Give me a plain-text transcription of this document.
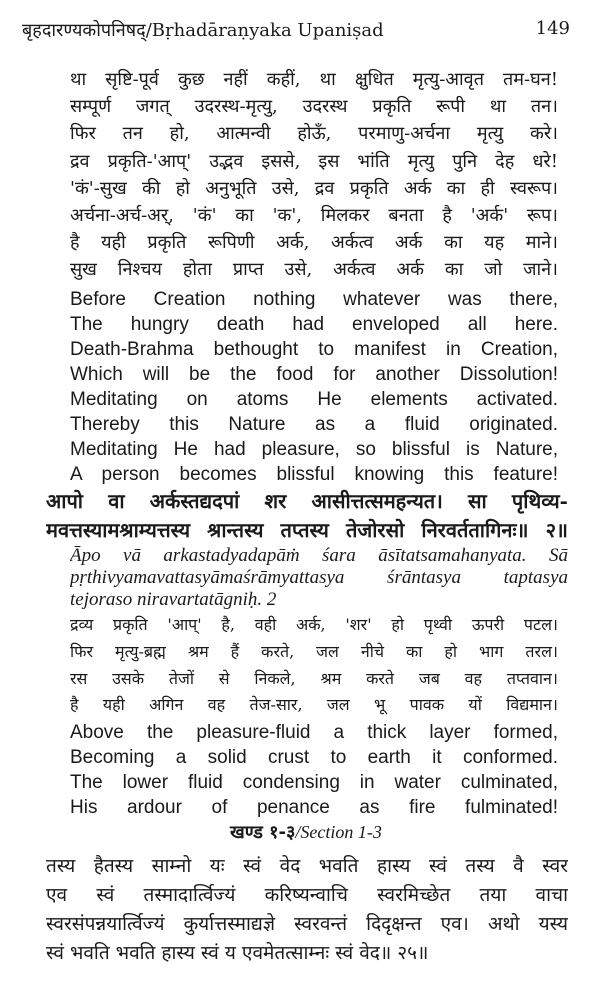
बृहदारण्यकोपनिषद्/Bṛhadāraṇyaka Upaniṣad	149
था सृष्टि-पूर्व कुछ नहीं कहीं, था क्षुधित मृत्यु-आवृत तम-घन!
सम्पूर्ण जगत् उदरस्थ-मृत्यु, उदरस्थ प्रकृति रूपी था तन।
फिर तन हो, आत्मन्वी होऊँ, परमाणु-अर्चना मृत्यु करे।
द्रव प्रकृति-'आप्' उद्भव इससे, इस भांति मृत्यु पुनि देह धरे!
'कं'-सुख की हो अनुभूति उसे, द्रव प्रकृति अर्क का ही स्वरूप।
अर्चना-अर्च-अर्, 'कं' का 'क', मिलकर बनता है 'अर्क' रूप।
है यही प्रकृति रूपिणी अर्क, अर्कत्व अर्क का यह माने।
सुख निश्चय होता प्राप्त उसे, अर्कत्व अर्क का जो जाने।
Before Creation nothing whatever was there,
The hungry death had enveloped all here.
Death-Brahma bethought to manifest in Creation,
Which will be the food for another Dissolution!
Meditating on atoms He elements activated.
Thereby this Nature as a fluid originated.
Meditating He had pleasure, so blissful is Nature,
A person becomes blissful knowing this feature!
आपो वा अर्कस्तद्यदपां शर आसीत्तत्समहन्यत। सा पृथिव्य-
मवत्तस्यामश्राम्यत्तस्य श्रान्तस्य तप्तस्य तेजोरसो निरवर्ततागिनः॥ २॥
Āpo vā arkastadyadapāṁ śara āsītatsamahanyata. Sā
pṛthivyamavattasyāmaśrāmyattasya śrāntasya taptasya
tejoraso niravartatāgniḥ. 2
द्रव्य प्रकृति 'आप्' है, वही अर्क, 'शर' हो पृथ्वी ऊपरी पटल।
फिर मृत्यु-ब्रह्म श्रम हैं करते, जल नीचे का हो भाग तरल।
रस उसके तेजों से निकले, श्रम करते जब वह तप्तवान।
है यही अगिन वह तेज-सार, जल भू पावक यों विद्यमान।
Above the pleasure-fluid a thick layer formed,
Becoming a solid crust to earth it conformed.
The lower fluid condensing in water culminated,
His ardour of penance as fire fulminated!
खण्ड १-३/Section 1-3
तस्य हैतस्य साम्नो यः स्वं वेद भवति हास्य स्वं तस्य वै स्वर
एव स्वं तस्मादार्त्विज्यं करिष्यन्वाचि स्वरमिच्छेत तया वाचा
स्वरसंपन्नयार्त्विज्यं कुर्यात्तस्माद्यज्ञे स्वरवन्तं दिदृक्षन्त एव। अथो यस्य
स्वं भवति भवति हास्य स्वं य एवमेतत्साम्नः स्वं वेद॥ २५॥
